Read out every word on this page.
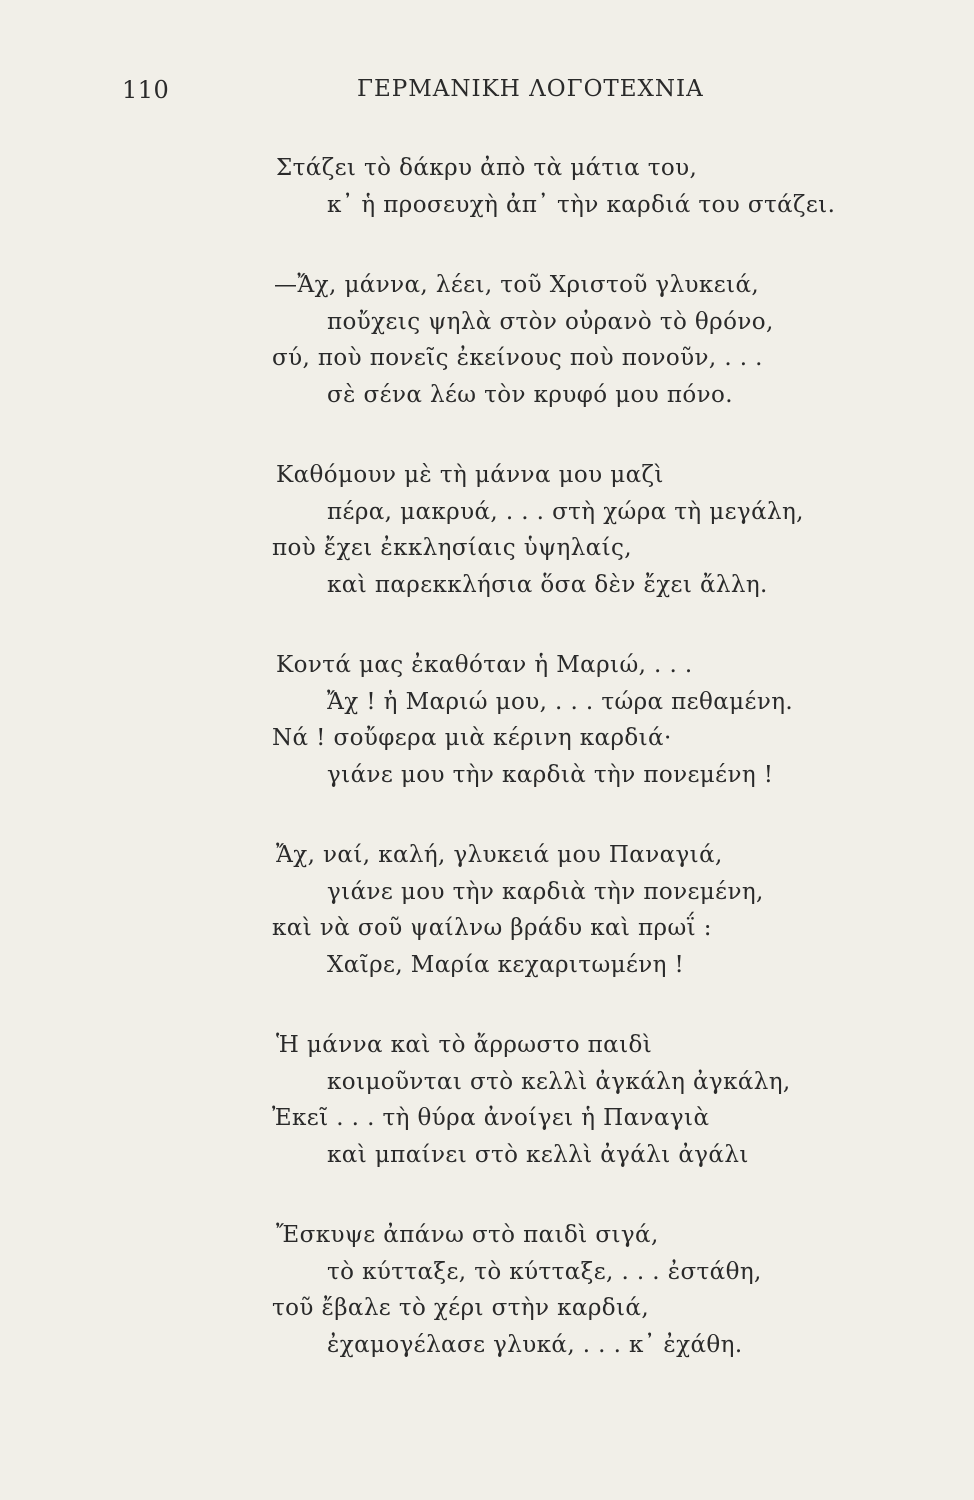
110	ΓΕΡΜΑΝΙΚΗ ΛΟΓΟΤΕΧΝΙΑ
Στάζει τὸ δάκρυ ἀπὸ τὰ μάτια του,
κ᾽ ἡ προσευχὴ ἀπ᾽ τὴν καρδιά του στάζει.
—Ἄχ, μάννα, λέει, τοῦ Χριστοῦ γλυκειά,
ποὔχεις ψηλὰ στὸν οὐρανὸ τὸ θρόνο,
σύ, ποὺ πονεῖς ἐκείνους ποὺ πονοῦν, . . .
σὲ σένα λέω τὸν κρυφό μου πόνο.
Καθόμουν μὲ τὴ μάννα μου μαζὶ
πέρα, μακρυά, . . . στὴ χώρα τὴ μεγάλη,
ποὺ ἔχει ἐκκλησίαις ὑψηλαίς,
καὶ παρεκκλήσια ὅσα δὲν ἔχει ἄλλη.
Κοντά μας ἐκαθόταν ἡ Μαριώ, . . .
Ἄχ ! ἡ Μαριώ μου, . . . τώρα πεθαμένη.
Νά ! σοὔφερα μιὰ κέρινη καρδιά·
γιάνε μου τὴν καρδιὰ τὴν πονεμένη !
Ἄχ, ναί, καλή, γλυκειά μου Παναγιά,
γιάνε μου τὴν καρδιὰ τὴν πονεμένη,
καὶ νὰ σοῦ ψαίλνω βράδυ καὶ πρωΐ :
Χαῖρε, Μαρία κεχαριτωμένη !
Ἡ μάννα καὶ τὸ ἄρρωστο παιδὶ
κοιμοῦνται στὸ κελλὶ ἀγκάλη ἀγκάλη,
Ἐκεῖ . . . τὴ θύρα ἀνοίγει ἡ Παναγιὰ
καὶ μπαίνει στὸ κελλὶ ἀγάλι ἀγάλι
Ἔσκυψε ἀπάνω στὸ παιδὶ σιγά,
τὸ κύτταξε, τὸ κύτταξε, . . . ἐστάθη,
τοῦ ἔβαλε τὸ χέρι στὴν καρδιά,
ἐχαμογέλασε γλυκά, . . . κ᾽ ἐχάθη.
